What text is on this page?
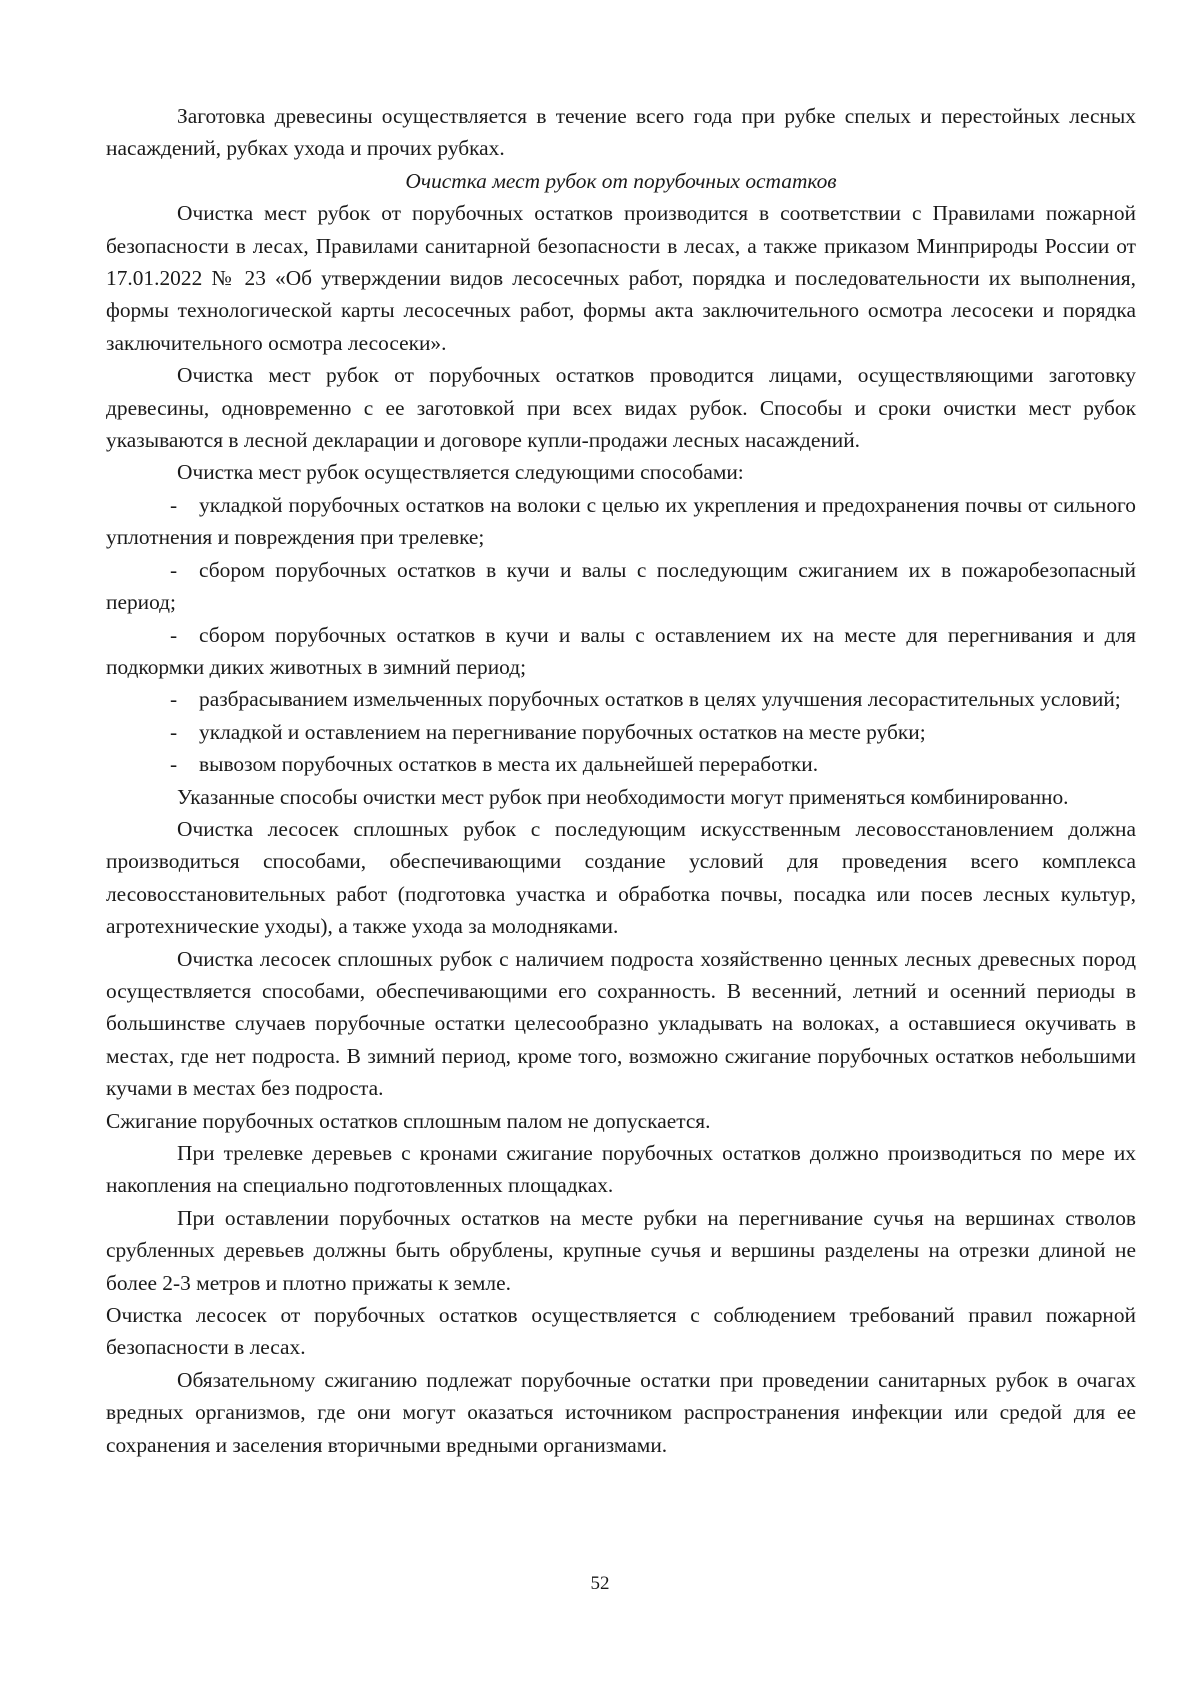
Заготовка древесины осуществляется в течение всего года при рубке спелых и перестойных лесных насаждений, рубках ухода и прочих рубках.

Очистка мест рубок от порубочных остатков

Очистка мест рубок от порубочных остатков производится в соответствии с Правилами пожарной безопасности в лесах, Правилами санитарной безопасности в лесах, а также приказом Минприроды России от 17.01.2022 № 23 «Об утверждении видов лесосечных работ, порядка и последовательности их выполнения, формы технологической карты лесосечных работ, формы акта заключительного осмотра лесосеки и порядка заключительного осмотра лесосеки».

Очистка мест рубок от порубочных остатков проводится лицами, осуществляющими заготовку древесины, одновременно с ее заготовкой при всех видах рубок. Способы и сроки очистки мест рубок указываются в лесной декларации и договоре купли-продажи лесных насаждений.

Очистка мест рубок осуществляется следующими способами:

- укладкой порубочных остатков на волоки с целью их укрепления и предохранения почвы от сильного уплотнения и повреждения при трелевке;

- сбором порубочных остатков в кучи и валы с последующим сжиганием их в пожаробезопасный период;

- сбором порубочных остатков в кучи и валы с оставлением их на месте для перегнивания и для подкормки диких животных в зимний период;

- разбрасыванием измельченных порубочных остатков в целях улучшения лесорастительных условий;

- укладкой и оставлением на перегнивание порубочных остатков на месте рубки;

- вывозом порубочных остатков в места их дальнейшей переработки.

Указанные способы очистки мест рубок при необходимости могут применяться комбинированно.

Очистка лесосек сплошных рубок с последующим искусственным лесовосстановлением должна производиться способами, обеспечивающими создание условий для проведения всего комплекса лесовосстановительных работ (подготовка участка и обработка почвы, посадка или посев лесных культур, агротехнические уходы), а также ухода за молодняками.

Очистка лесосек сплошных рубок с наличием подроста хозяйственно ценных лесных древесных пород осуществляется способами, обеспечивающими его сохранность. В весенний, летний и осенний периоды в большинстве случаев порубочные остатки целесообразно укладывать на волоках, а оставшиеся окучивать в местах, где нет подроста. В зимний период, кроме того, возможно сжигание порубочных остатков небольшими кучами в местах без подроста.

Сжигание порубочных остатков сплошным палом не допускается.

При трелевке деревьев с кронами сжигание порубочных остатков должно производиться по мере их накопления на специально подготовленных площадках.

При оставлении порубочных остатков на месте рубки на перегнивание сучья на вершинах стволов срубленных деревьев должны быть обрублены, крупные сучья и вершины разделены на отрезки длиной не более 2-3 метров и плотно прижаты к земле.

Очистка лесосек от порубочных остатков осуществляется с соблюдением требований правил пожарной безопасности в лесах.

Обязательному сжиганию подлежат порубочные остатки при проведении санитарных рубок в очагах вредных организмов, где они могут оказаться источником распространения инфекции или средой для ее сохранения и заселения вторичными вредными организмами.

52
